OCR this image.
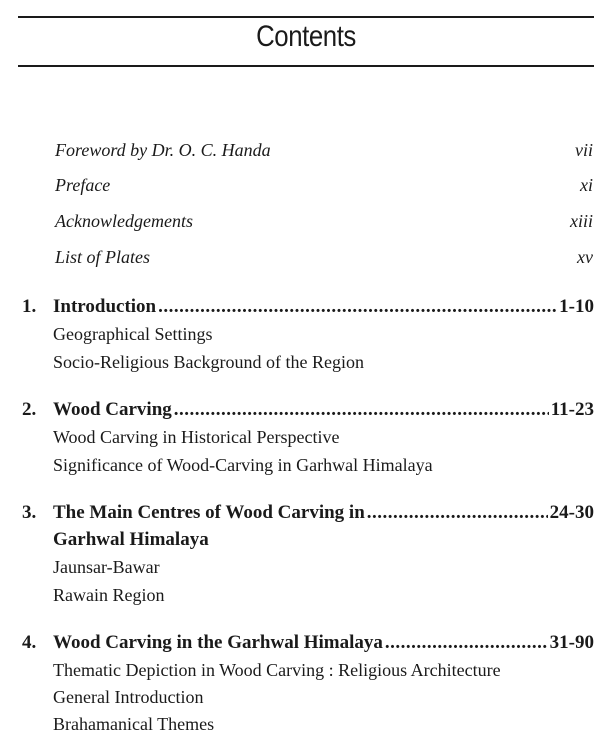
Contents
Foreword by Dr. O. C. Handa	vii
Preface	xi
Acknowledgements	xiii
List of Plates	xv
1. Introduction .....	1-10
Geographical Settings
Socio-Religious Background of the Region
2. Wood Carving .....	11-23
Wood Carving in Historical Perspective
Significance of Wood-Carving in Garhwal Himalaya
3. The Main Centres of Wood Carving in .....	24-30
Garhwal Himalaya
Jaunsar-Bawar
Rawain Region
4. Wood Carving in the Garhwal Himalaya .....	31-90
Thematic Depiction in Wood Carving : Religious Architecture
General Introduction
Brahamanical Themes
